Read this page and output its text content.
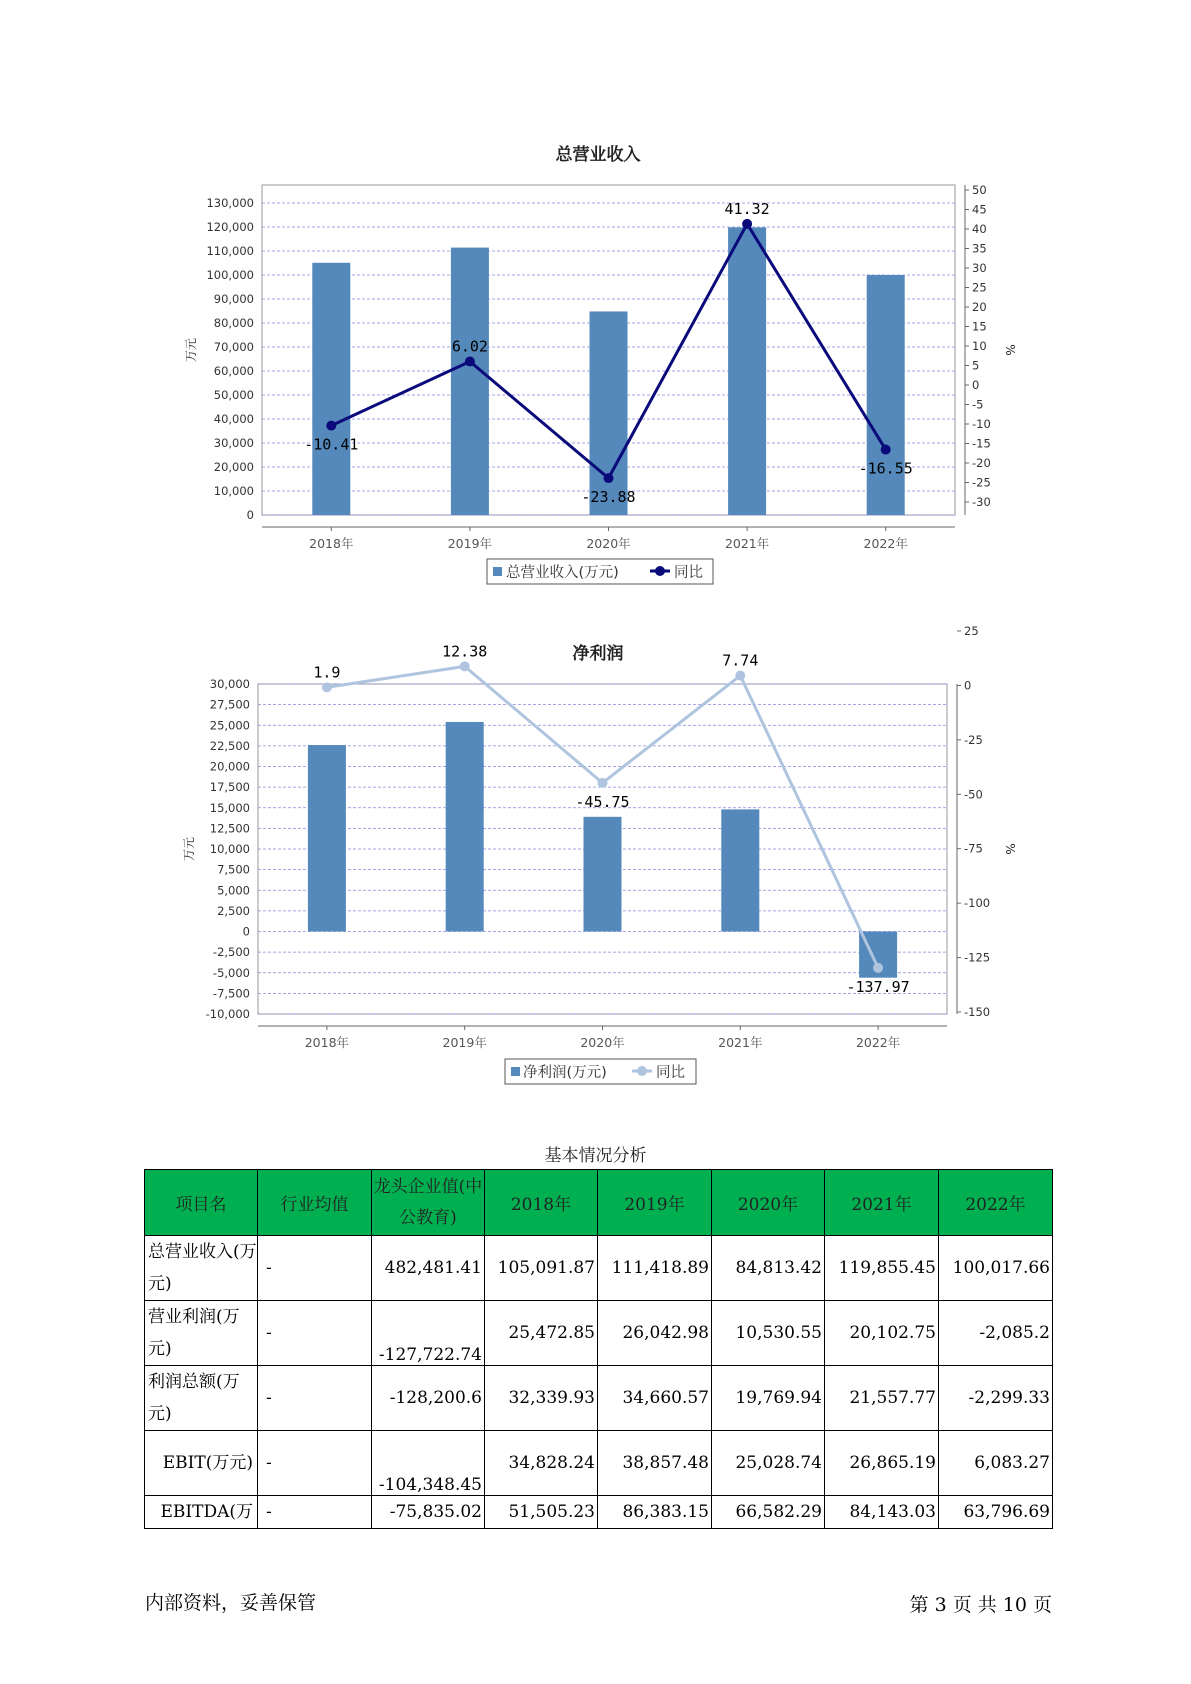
总营业收入
0
10,000
20,000
30,000
40,000
50,000
60,000
70,000
80,000
90,000
100,000
110,000
120,000
130,000
50
45
40
35
30
25
20
15
10
5
0
-5
-10
-15
-20
-25
-30
2018年	2019年	2020年	2021年	2022年
-10.41
6.02
-23.88
41.32
-16.55
万元	%
总营业收入(万元)	同比
净利润
-10,000
-7,500
-5,000
-2,500
0
2,500
5,000
7,500
10,000
12,500
15,000
17,500
20,000
22,500
25,000
27,500
30,000
25
0
-25
-50
-75
-100
-125
-150
2018年	2019年	2020年	2021年	2022年
1.9
12.38
-45.75
7.74
-137.97
万元	%
净利润(万元)	同比
基本情况分析
项目名	行业均值	龙头企业值(中公教育)	2018年	2019年	2020年	2021年	2022年
总营业收入(万元)	-	482,481.41	105,091.87	111,418.89	84,813.42	119,855.45	100,017.66
营业利润(万元)	-	-127,722.74	25,472.85	26,042.98	10,530.55	20,102.75	-2,085.2
利润总额(万元)	-	-128,200.6	32,339.93	34,660.57	19,769.94	21,557.77	-2,299.33
EBIT(万元)	-	-104,348.45	34,828.24	38,857.48	25,028.74	26,865.19	6,083.27
EBITDA(万	-	-75,835.02	51,505.23	86,383.15	66,582.29	84,143.03	63,796.69
内部资料，妥善保管	第 3 页 共 10 页
